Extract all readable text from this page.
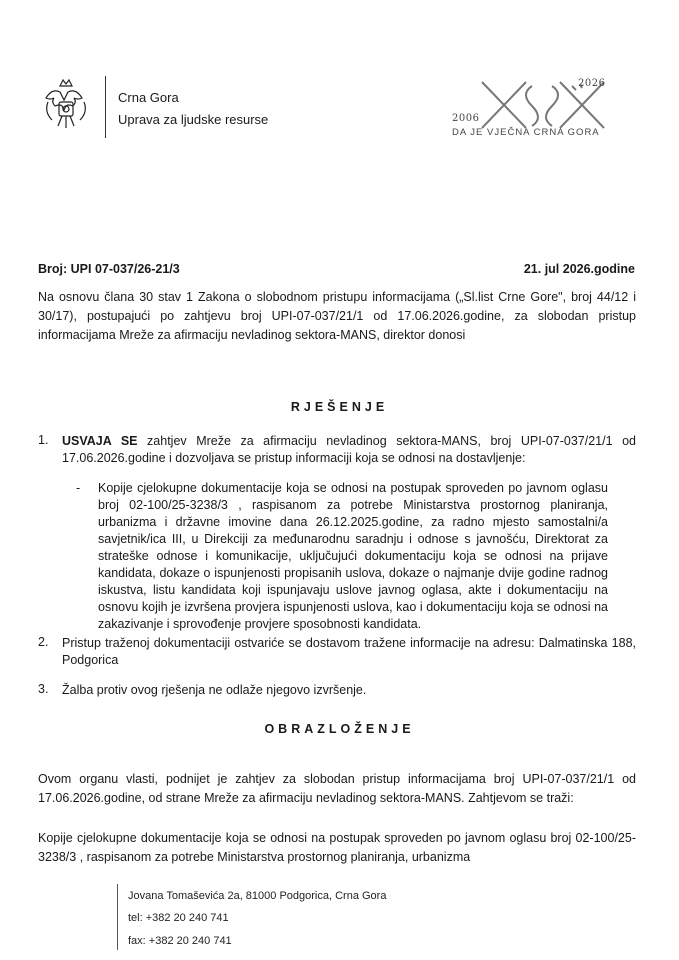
Crna Gora
Uprava za ljudske resurse
2026
2006
DA JE VJEČNA CRNA GORA
Broj: UPI 07-037/26-21/3	21. jul 2026.godine
Na osnovu člana 30 stav 1 Zakona o slobodnom pristupu informacijama („Sl.list Crne Gore", broj 44/12 i 30/17), postupajući po zahtjevu broj UPI-07-037/21/1 od 17.06.2026.godine, za slobodan pristup informacijama Mreže za afirmaciju nevladinog sektora-MANS, direktor donosi
RJEŠENJE
1. USVAJA SE zahtjev Mreže za afirmaciju nevladinog sektora-MANS, broj UPI-07-037/21/1 od 17.06.2026.godine i dozvoljava se pristup informaciji koja se odnosi na dostavljenje:
- Kopije cjelokupne dokumentacije koja se odnosi na postupak sproveden po javnom oglasu broj 02-100/25-3238/3 , raspisanom za potrebe Ministarstva prostornog planiranja, urbanizma i državne imovine dana 26.12.2025.godine, za radno mjesto samostalni/a savjetnik/ica III, u Direkciji za međunarodnu saradnju i odnose s javnošću, Direktorat za strateške odnose i komunikacije, uključujući dokumentaciju koja se odnosi na prijave kandidata, dokaze o ispunjenosti propisanih uslova, dokaze o najmanje dvije godine radnog iskustva, listu kandidata koji ispunjavaju uslove javnog oglasa, akte i dokumentaciju na osnovu kojih je izvršena provjera ispunjenosti uslova, kao i dokumentaciju koja se odnosi na zakazivanje i sprovođenje provjere sposobnosti kandidata.
2. Pristup traženoj dokumentaciji ostvariće se dostavom tražene informacije na adresu: Dalmatinska 188, Podgorica
3. Žalba protiv ovog rješenja ne odlaže njegovo izvršenje.
OBRAZLOŽENJE
Ovom organu vlasti, podnijet je zahtjev za slobodan pristup informacijama broj UPI-07-037/21/1 od 17.06.2026.godine, od strane Mreže za afirmaciju nevladinog sektora-MANS. Zahtjevom se traži:
Kopije cjelokupne dokumentacije koja se odnosi na postupak sproveden po javnom oglasu broj 02-100/25-3238/3 , raspisanom za potrebe Ministarstva prostornog planiranja, urbanizma
Jovana Tomaševića 2a, 81000 Podgorica, Crna Gora
tel: +382 20 240 741
fax: +382 20 240 741
